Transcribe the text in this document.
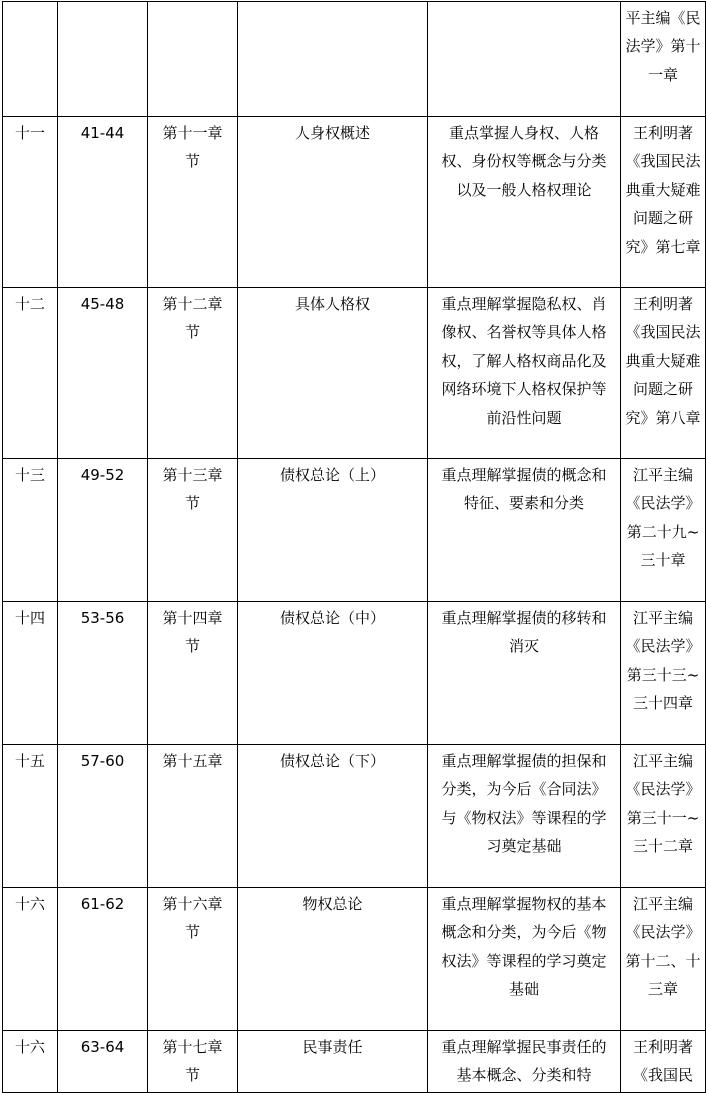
					平主编《民法学》第十一章

十一	41-44	第十一章节	人身权概述	重点掌握人身权、人格权、身份权等概念与分类以及一般人格权理论	王利明著《我国民法典重大疑难问题之研究》第七章

十二	45-48	第十二章节	具体人格权	重点理解掌握隐私权、肖像权、名誉权等具体人格权，了解人格权商品化及网络环境下人格权保护等前沿性问题	王利明著《我国民法典重大疑难问题之研究》第八章

十三	49-52	第十三章节	债权总论（上）	重点理解掌握债的概念和特征、要素和分类	江平主编《民法学》第二十九~三十章

十四	53-56	第十四章节	债权总论（中）	重点理解掌握债的移转和消灭	江平主编《民法学》第三十三~三十四章

十五	57-60	第十五章	债权总论（下）	重点理解掌握债的担保和分类，为今后《合同法》与《物权法》等课程的学习奠定基础	江平主编《民法学》第三十一~三十二章

十六	61-62	第十六章节	物权总论	重点理解掌握物权的基本概念和分类，为今后《物权法》等课程的学习奠定基础	江平主编《民法学》第十二、十三章

十六	63-64	第十七章节	民事责任	重点理解掌握民事责任的基本概念、分类和特	王利明著《我国民
